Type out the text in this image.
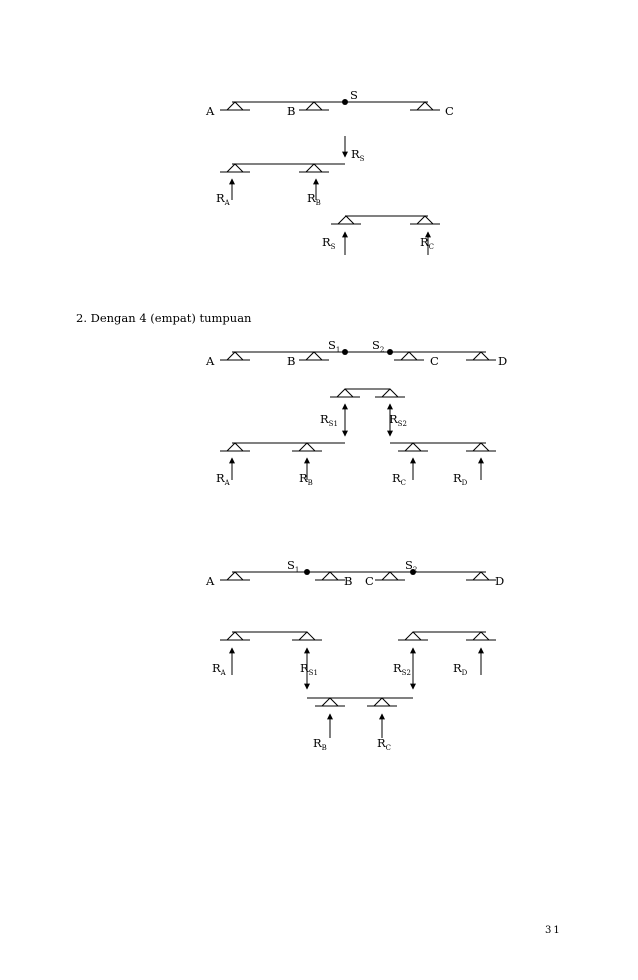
A	B
S
C
$R_S$
$R_A$	$R_B$
$R_S$	$R_C$
A	B	C	D
$S_1$	$S_2$
$R_{S1}$	$R_{S2}$
$R_A$	$R_B$	$R_C$	$R_D$
A	B C	D
$S_1$	$S_2$
$R_A$	$R_{S1}$	$R_{S2}$	$R_D$
$R_B$	$R_C$
2. Dengan 4 (empat) tumpuan
31
